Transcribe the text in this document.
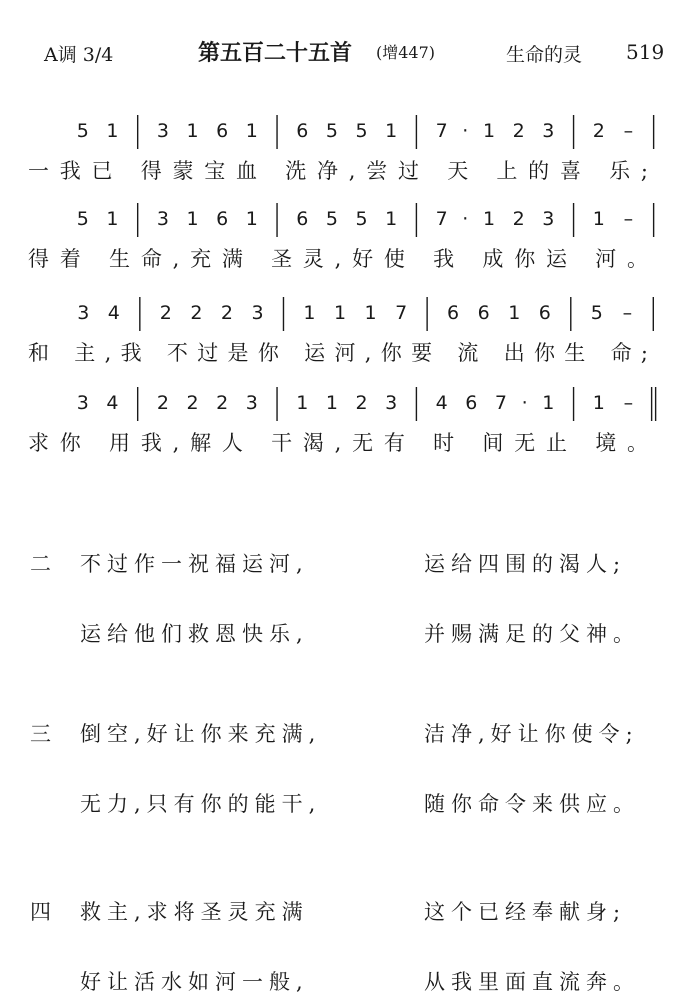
A调 3/4	第五百二十五首 (增447)	生命的灵 519
5 1 3 1 6 1 6 5 5 1 7 · 1 2 3 2 –
一我已 得蒙宝血 洗净,尝过 天 上的喜 乐;
5 1 3 1 6 1 6 5 5 1 7 · 1 2 3 1 –
得着 生命,充满 圣灵,好使 我 成你运 河。
3 4 2 2 2 3 1 1 1 7 6 6 1 6 5 –
和 主,我 不过是你 运河,你要 流 出你生 命;
3 4 2 2 2 3 1 1 2 3 4 6 7 · 1 1 –
求你 用我,解人 干渴,无有 时 间无止 境。
二 不过作一祝福运河,	运给四围的渴人;
运给他们救恩快乐,	并赐满足的父神。
三 倒空,好让你来充满,	洁净,好让你使令;
无力,只有你的能干,	随你命令来供应。
四 救主,求将圣灵充满	这个已经奉献身;
好让活水如河一般,	从我里面直流奔。
